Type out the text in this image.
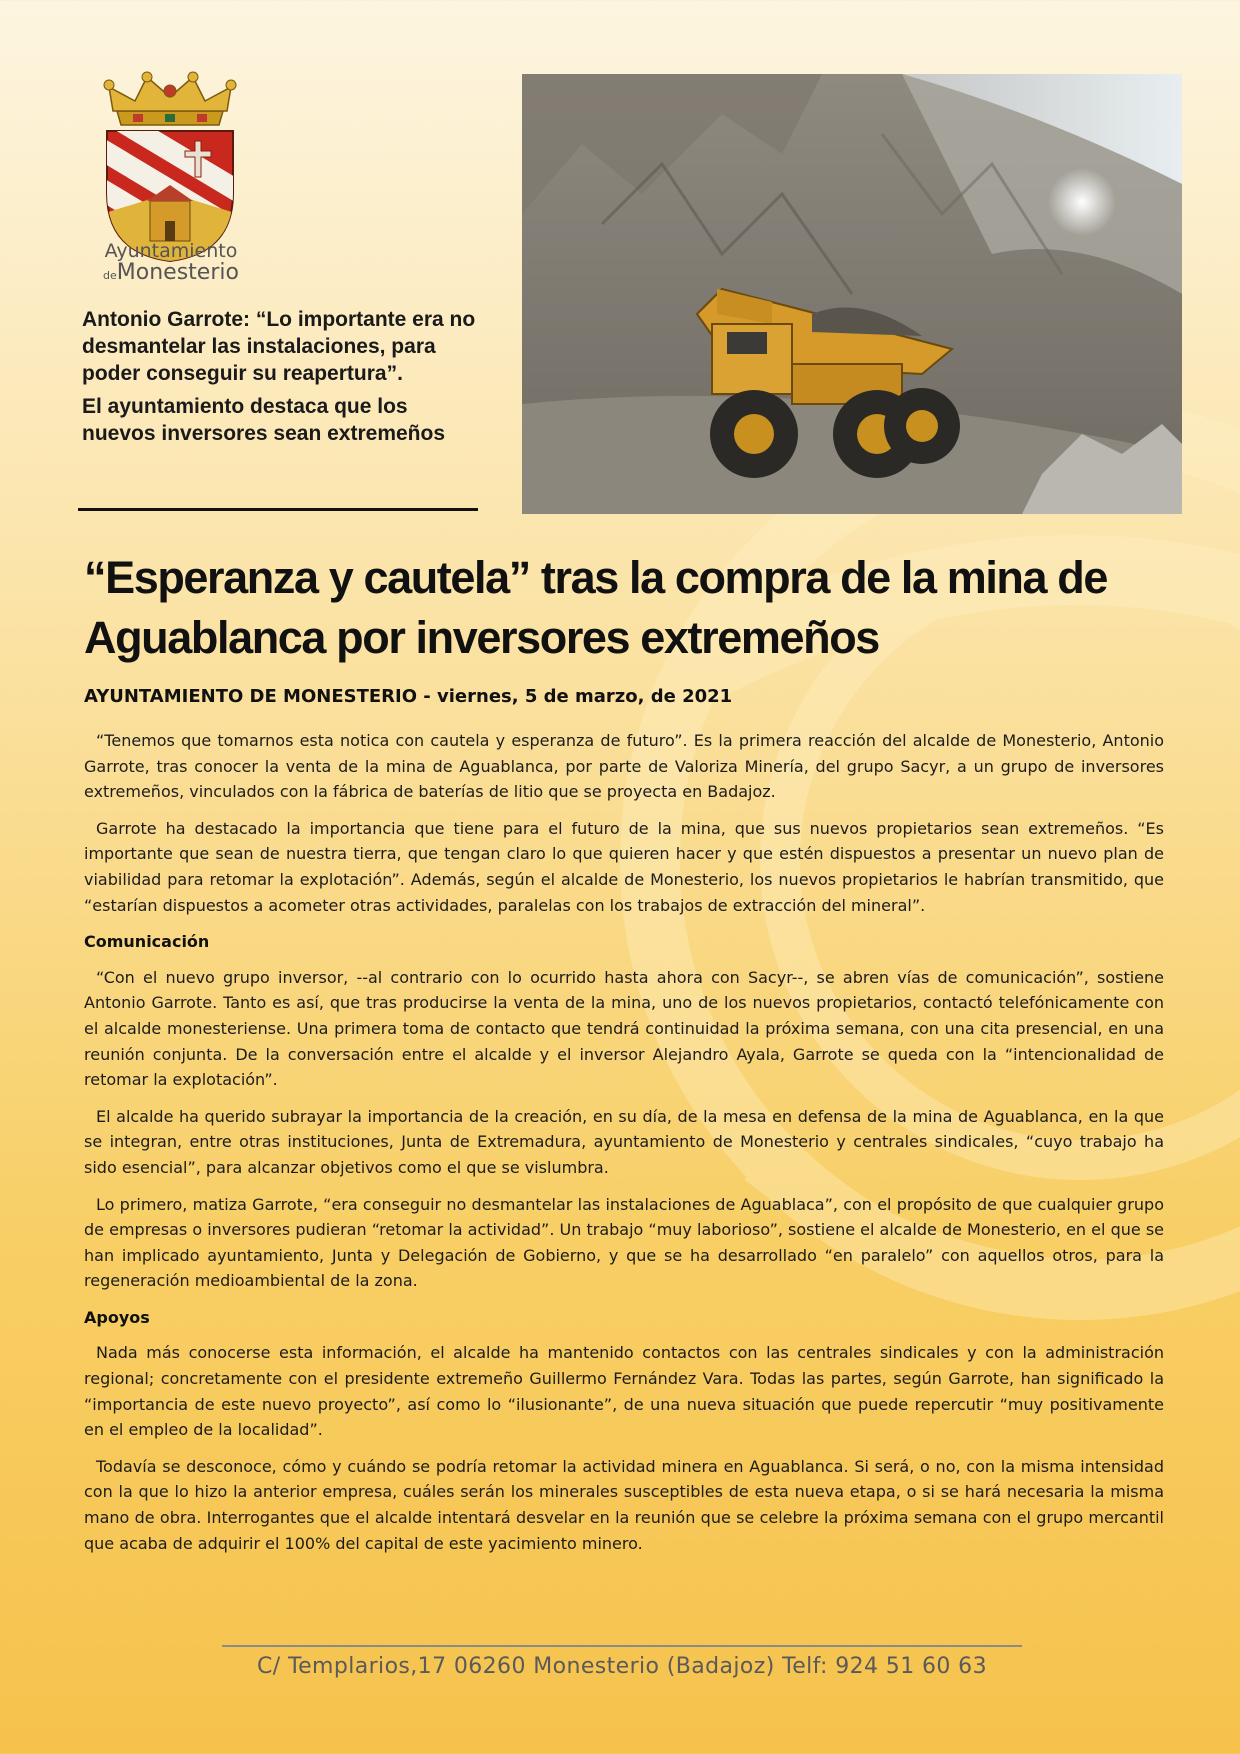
Ayuntamiento
deMonesterio

Antonio Garrote: “Lo importante era no desmantelar las instalaciones, para poder conseguir su reapertura”.

El ayuntamiento destaca que los nuevos inversores sean extremeños

“Esperanza y cautela” tras la compra de la mina de Aguablanca por inversores extremeños

AYUNTAMIENTO DE MONESTERIO - viernes, 5 de marzo, de 2021

“Tenemos que tomarnos esta notica con cautela y esperanza de futuro”. Es la primera reacción del alcalde de Monesterio, Antonio Garrote, tras conocer la venta de la mina de Aguablanca, por parte de Valoriza Minería, del grupo Sacyr, a un grupo de inversores extremeños, vinculados con la fábrica de baterías de litio que se proyecta en Badajoz.

Garrote ha destacado la importancia que tiene para el futuro de la mina, que sus nuevos propietarios sean extremeños. “Es importante que sean de nuestra tierra, que tengan claro lo que quieren hacer y que estén dispuestos a presentar un nuevo plan de viabilidad para retomar la explotación”. Además, según el alcalde de Monesterio, los nuevos propietarios le habrían transmitido, que “estarían dispuestos a acometer otras actividades, paralelas con los trabajos de extracción del mineral”.

Comunicación

“Con el nuevo grupo inversor, --al contrario con lo ocurrido hasta ahora con Sacyr--, se abren vías de comunicación”, sostiene Antonio Garrote. Tanto es así, que tras producirse la venta de la mina, uno de los nuevos propietarios, contactó telefónicamente con el alcalde monesteriense. Una primera toma de contacto que tendrá continuidad la próxima semana, con una cita presencial, en una reunión conjunta. De la conversación entre el alcalde y el inversor Alejandro Ayala, Garrote se queda con la “intencionalidad de retomar la explotación”.

El alcalde ha querido subrayar la importancia de la creación, en su día, de la mesa en defensa de la mina de Aguablanca, en la que se integran, entre otras instituciones, Junta de Extremadura, ayuntamiento de Monesterio y centrales sindicales, “cuyo trabajo ha sido esencial”, para alcanzar objetivos como el que se vislumbra.

Lo primero, matiza Garrote, “era conseguir no desmantelar las instalaciones de Aguablaca”, con el propósito de que cualquier grupo de empresas o inversores pudieran “retomar la actividad”. Un trabajo “muy laborioso”, sostiene el alcalde de Monesterio, en el que se han implicado ayuntamiento, Junta y Delegación de Gobierno, y que se ha desarrollado “en paralelo” con aquellos otros, para la regeneración medioambiental de la zona.

Apoyos

Nada más conocerse esta información, el alcalde ha mantenido contactos con las centrales sindicales y con la administración regional; concretamente con el presidente extremeño Guillermo Fernández Vara. Todas las partes, según Garrote, han significado la “importancia de este nuevo proyecto”, así como lo “ilusionante”, de una nueva situación que puede repercutir “muy positivamente en el empleo de la localidad”.

Todavía se desconoce, cómo y cuándo se podría retomar la actividad minera en Aguablanca. Si será, o no, con la misma intensidad con la que lo hizo la anterior empresa, cuáles serán los minerales susceptibles de esta nueva etapa, o si se hará necesaria la misma mano de obra. Interrogantes que el alcalde intentará desvelar en la reunión que se celebre la próxima semana con el grupo mercantil que acaba de adquirir el 100% del capital de este yacimiento minero.

C/ Templarios,17 06260 Monesterio (Badajoz) Telf: 924 51 60 63
